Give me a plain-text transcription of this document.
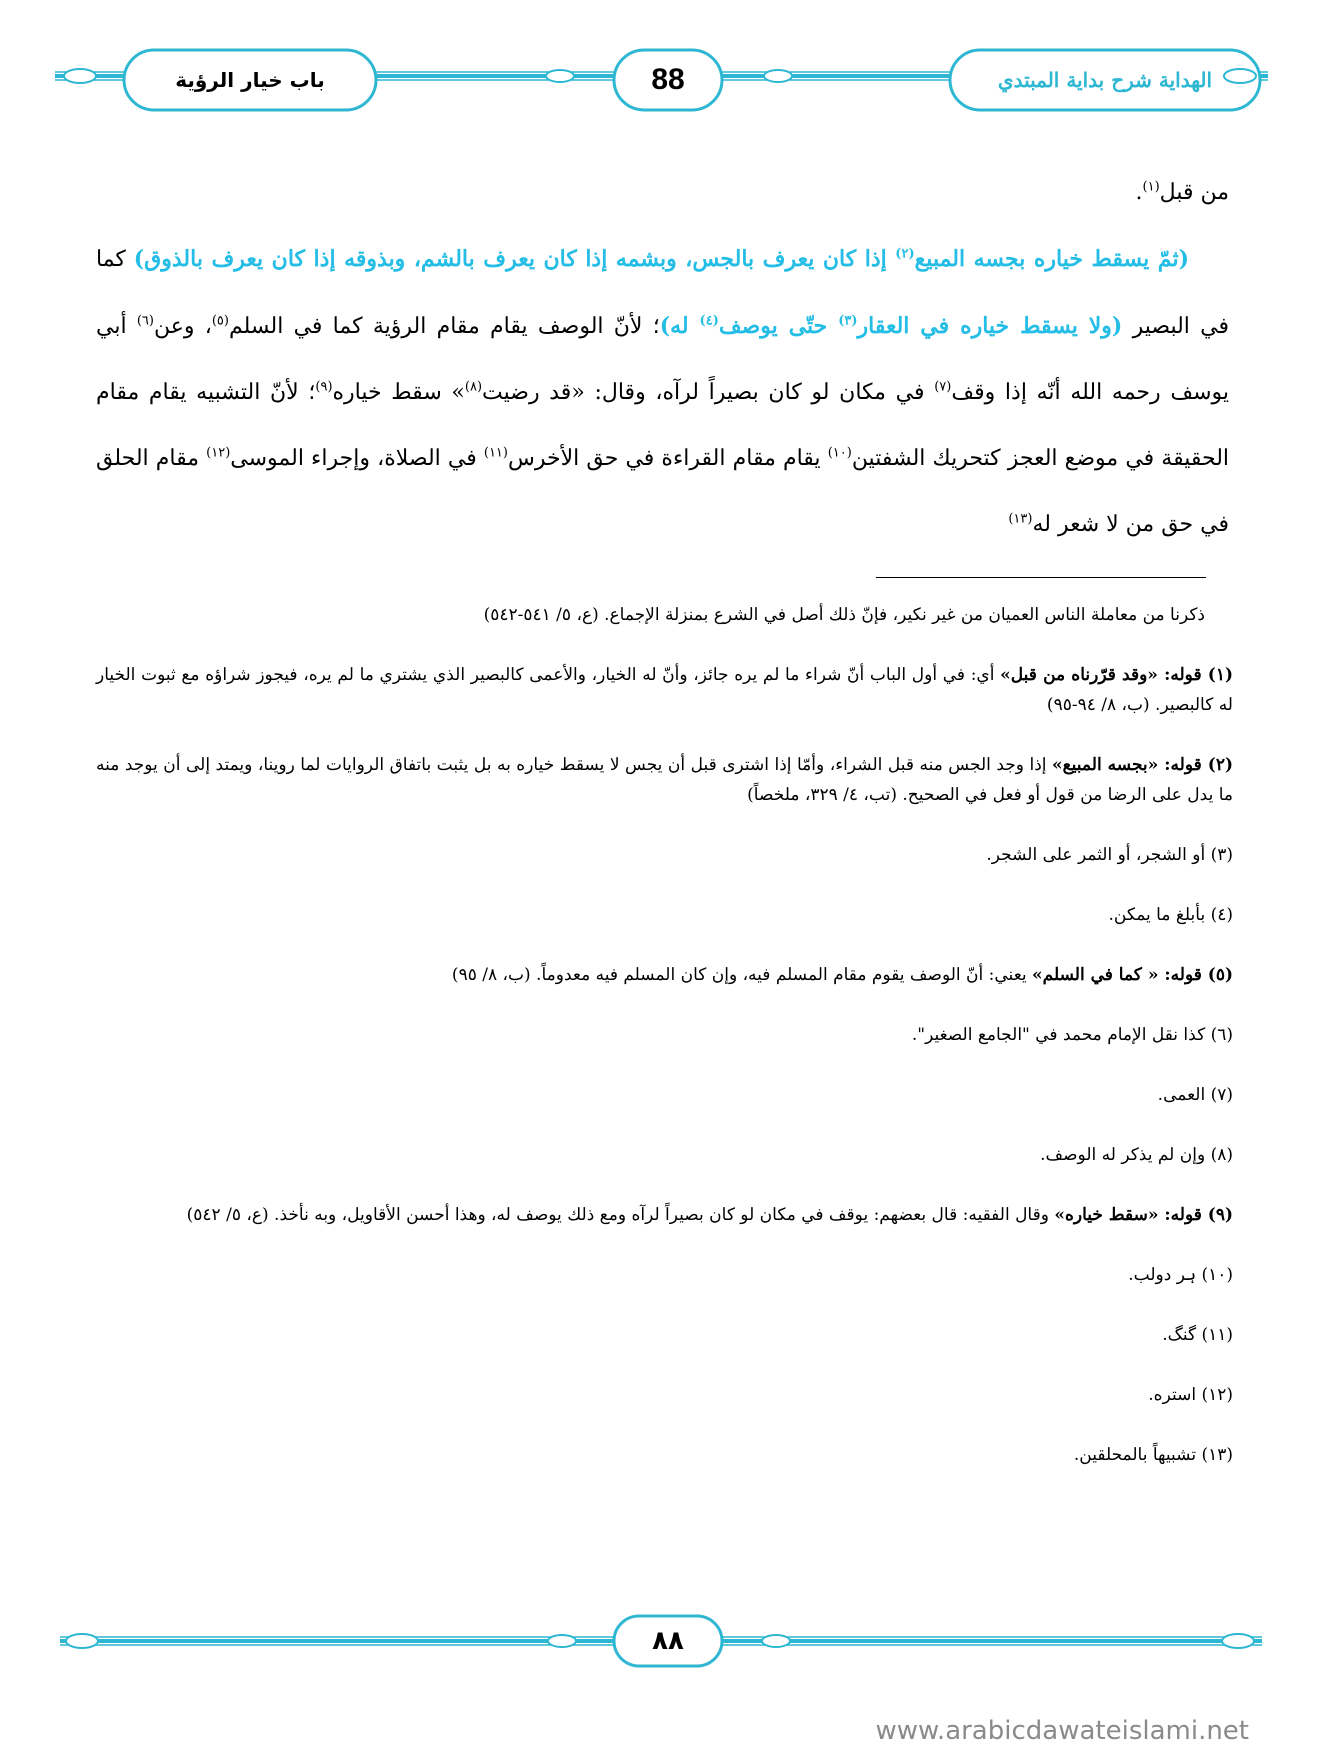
باب خيار الرؤية	88	الهداية شرح بداية المبتدي

من قبل$^{(١)}$.

(ثمّ يسقط خياره بجسه المبيع$^{(٢)}$ إذا كان يعرف بالجس، وبشمه إذا كان يعرف بالشم، وبذوقه إذا كان يعرف بالذوق) كما في البصير (ولا يسقط خياره في العقار$^{(٣)}$ حتّى يوصف$^{(٤)}$ له)؛ لأنّ الوصف يقام مقام الرؤية كما في السلم$^{(٥)}$، وعن$^{(٦)}$ أبي يوسف رحمه الله أنّه إذا وقف$^{(٧)}$ في مكان لو كان بصيراً لرآه، وقال: «قد رضيت$^{(٨)}$» سقط خياره$^{(٩)}$؛ لأنّ التشبيه يقام مقام الحقيقة في موضع العجز كتحريك الشفتين$^{(١٠)}$ يقام مقام القراءة في حق الأخرس$^{(١١)}$ في الصلاة، وإجراء الموسى$^{(١٢)}$ مقام الحلق في حق من لا شعر له$^{(١٣)}$

ذكرنا من معاملة الناس العميان من غير نكير، فإنّ ذلك أصل في الشرع بمنزلة الإجماع. (ع، ٥/ ٥٤١-٥٤٢)

(١) قوله: «وقد قرّرناه من قبل» أي: في أول الباب أنّ شراء ما لم يره جائز، وأنّ له الخيار، والأعمى كالبصير الذي يشتري ما لم يره، فيجوز شراؤه مع ثبوت الخيار له كالبصير. (ب، ٨/ ٩٤-٩٥)

(٢) قوله: «بجسه المبيع» إذا وجد الجس منه قبل الشراء، وأمّا إذا اشترى قبل أن يجس لا يسقط خياره به بل يثبت باتفاق الروايات لما روينا، ويمتد إلى أن يوجد منه ما يدل على الرضا من قول أو فعل في الصحيح. (تب، ٤/ ٣٢٩، ملخصاً)

(٣) أو الشجر، أو الثمر على الشجر.

(٤) بأبلغ ما يمكن.

(٥) قوله: « كما في السلم» يعني: أنّ الوصف يقوم مقام المسلم فيه، وإن كان المسلم فيه معدوماً. (ب، ٨/ ٩٥)

(٦) كذا نقل الإمام محمد في "الجامع الصغير".

(٧) العمى.

(٨) وإن لم يذكر له الوصف.

(٩) قوله: «سقط خياره» وقال الفقيه: قال بعضهم: يوقف في مكان لو كان بصيراً لرآه ومع ذلك يوصف له، وهذا أحسن الأقاويل، وبه نأخذ. (ع، ٥/ ٥٤٢)

(١٠) ہر دولب.

(١١) گنگ.

(١٢) استره.

(١٣) تشبيهاً بالمحلقين.

٨٨
www.arabicdawateislami.net
